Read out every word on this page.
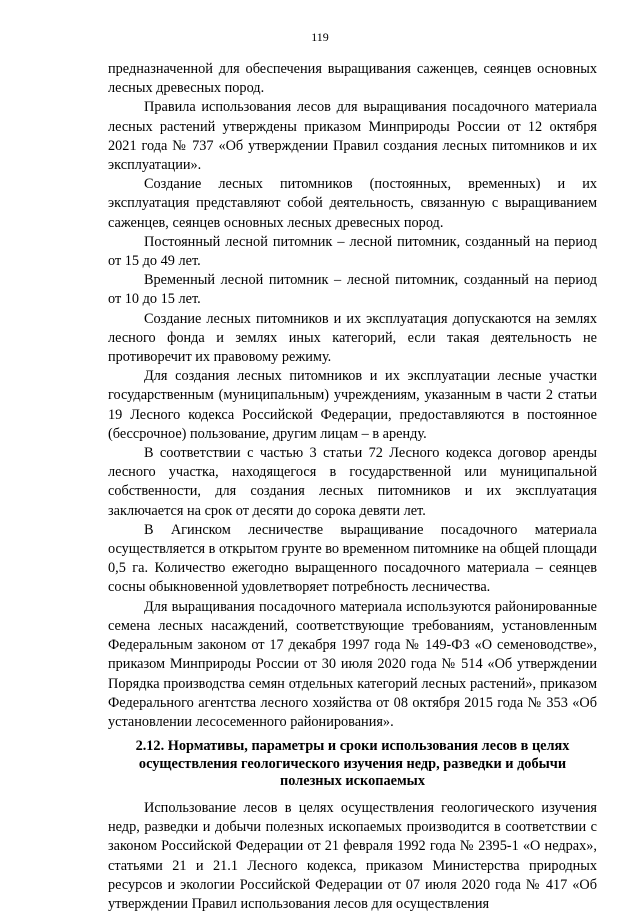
119

предназначенной для обеспечения выращивания саженцев, сеянцев основных лесных древесных пород.

Правила использования лесов для выращивания посадочного материала лесных растений утверждены приказом Минприроды России от 12 октября 2021 года № 737 «Об утверждении Правил создания лесных питомников и их эксплуатации».

Создание лесных питомников (постоянных, временных) и их эксплуатация представляют собой деятельность, связанную с выращиванием саженцев, сеянцев основных лесных древесных пород.

Постоянный лесной питомник – лесной питомник, созданный на период от 15 до 49 лет.

Временный лесной питомник – лесной питомник, созданный на период от 10 до 15 лет.

Создание лесных питомников и их эксплуатация допускаются на землях лесного фонда и землях иных категорий, если такая деятельность не противоречит их правовому режиму.

Для создания лесных питомников и их эксплуатации лесные участки государственным (муниципальным) учреждениям, указанным в части 2 статьи 19 Лесного кодекса Российской Федерации, предоставляются в постоянное (бессрочное) пользование, другим лицам – в аренду.

В соответствии с частью 3 статьи 72 Лесного кодекса договор аренды лесного участка, находящегося в государственной или муниципальной собственности, для создания лесных питомников и их эксплуатация заключается на срок от десяти до сорока девяти лет.

В Агинском лесничестве выращивание посадочного материала осуществляется в открытом грунте во временном питомнике на общей площади 0,5 га. Количество ежегодно выращенного посадочного материала – сеянцев сосны обыкновенной удовлетворяет потребность лесничества.

Для выращивания посадочного материала используются районированные семена лесных насаждений, соответствующие требованиям, установленным Федеральным законом от 17 декабря 1997 года № 149-ФЗ «О семеноводстве», приказом Минприроды России от 30 июля 2020 года № 514 «Об утверждении Порядка производства семян отдельных категорий лесных растений», приказом Федерального агентства лесного хозяйства от 08 октября 2015 года № 353 «Об установлении лесосеменного районирования».

2.12. Нормативы, параметры и сроки использования лесов в целях осуществления геологического изучения недр, разведки и добычи полезных ископаемых

Использование лесов в целях осуществления геологического изучения недр, разведки и добычи полезных ископаемых производится в соответствии с законом Российской Федерации от 21 февраля 1992 года № 2395-1 «О недрах», статьями 21 и 21.1 Лесного кодекса, приказом Министерства природных ресурсов и экологии Российской Федерации от 07 июля 2020 года № 417 «Об утверждении Правил использования лесов для осуществления
